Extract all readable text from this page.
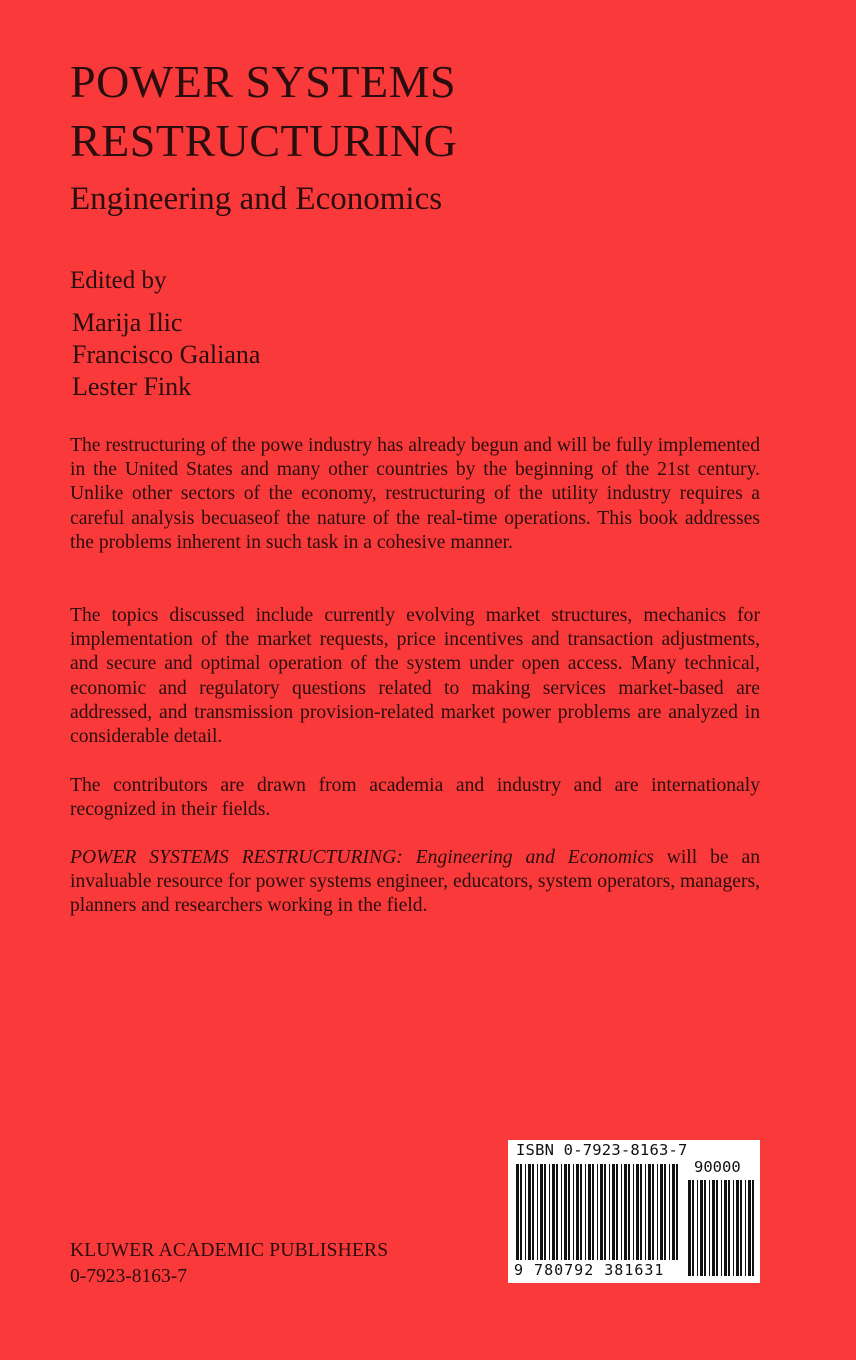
POWER SYSTEMS
RESTRUCTURING
Engineering and Economics
Edited by
Marija Ilic
Francisco Galiana
Lester Fink
The restructuring of the powe industry has already begun and will be fully implemented in the United States and many other countries by the beginning of the 21st century. Unlike other sectors of the economy, restructuring of the utility industry requires a careful analysis becuaseof the nature of the real-time operations. This book addresses the problems inherent in such task in a cohesive manner.
The topics discussed include currently evolving market structures, mechanics for implementation of the market requests, price incentives and transaction adjustments, and secure and optimal operation of the system under open access. Many technical, economic and regulatory questions related to making services market-based are addressed, and transmission provision-related market power problems are analyzed in considerable detail.
The contributors are drawn from academia and industry and are internationaly recognized in their fields.
POWER SYSTEMS RESTRUCTURING: Engineering and Economics will be an invaluable resource for power systems engineer, educators, system operators, managers, planners and researchers working in the field.
ISBN 0-7923-8163-7
90000
9 780792 381631
KLUWER ACADEMIC PUBLISHERS
0-7923-8163-7
